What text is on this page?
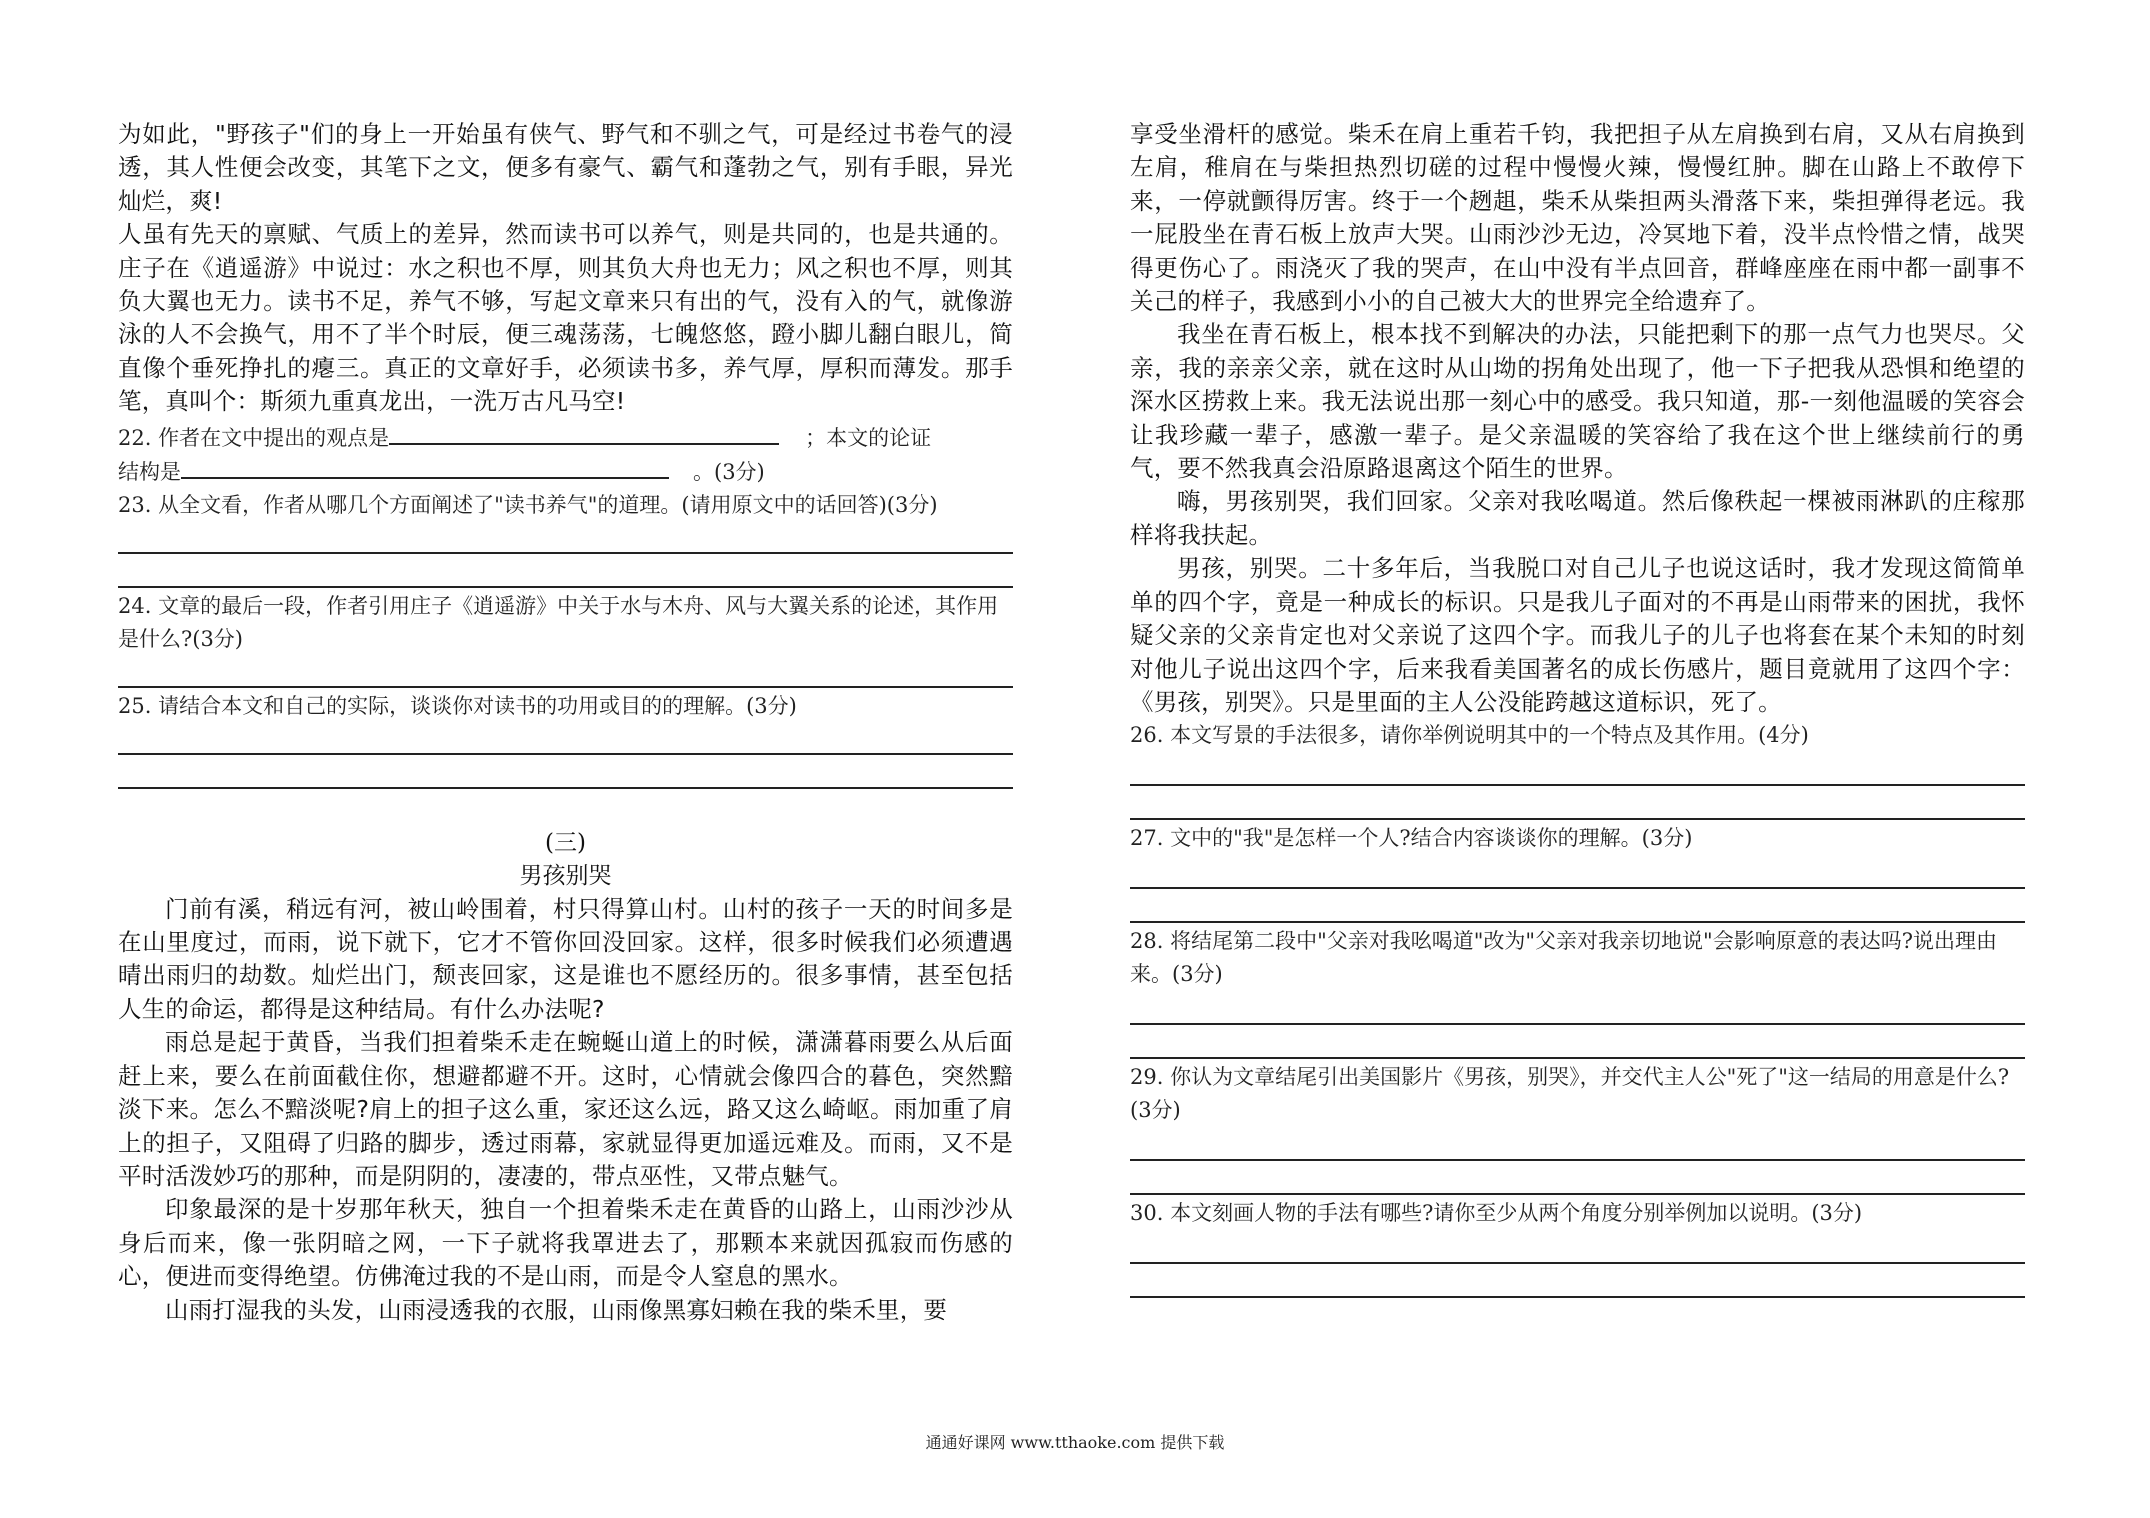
为如此，"野孩子"们的身上一开始虽有侠气、野气和不驯之气，可是经过书卷气的浸透，其人性便会改变，其笔下之文，便多有豪气、霸气和蓬勃之气，别有手眼，异光灿烂，爽!

人虽有先天的禀赋、气质上的差异，然而读书可以养气，则是共同的，也是共通的。庄子在《逍遥游》中说过：水之积也不厚，则其负大舟也无力；风之积也不厚，则其负大翼也无力。读书不足，养气不够，写起文章来只有出的气，没有入的气，就像游泳的人不会换气，用不了半个时辰，便三魂荡荡，七魄悠悠，蹬小脚儿翻白眼儿，简直像个垂死挣扎的瘪三。真正的文章好手，必须读书多，养气厚，厚积而薄发。那手笔，真叫个：斯须九重真龙出，一洗万古凡马空!

22. 作者在文中提出的观点是	；本文的论证
结构是	。(3分)

23. 从全文看，作者从哪几个方面阐述了"读书养气"的道理。(请用原文中的话回答)(3分)

24. 文章的最后一段，作者引用庄子《逍遥游》中关于水与木舟、风与大翼关系的论述，其作用是什么?(3分)

25. 请结合本文和自己的实际，谈谈你对读书的功用或目的的理解。(3分)

(三)

男孩别哭

门前有溪，稍远有河，被山岭围着，村只得算山村。山村的孩子一天的时间多是在山里度过，而雨，说下就下，它才不管你回没回家。这样，很多时候我们必须遭遇晴出雨归的劫数。灿烂出门，颓丧回家，这是谁也不愿经历的。很多事情，甚至包括人生的命运，都得是这种结局。有什么办法呢?

雨总是起于黄昏，当我们担着柴禾走在蜿蜒山道上的时候，潇潇暮雨要么从后面赶上来，要么在前面截住你，想避都避不开。这时，心情就会像四合的暮色，突然黯淡下来。怎么不黯淡呢?肩上的担子这么重，家还这么远，路又这么崎岖。雨加重了肩上的担子，又阻碍了归路的脚步，透过雨幕，家就显得更加遥远难及。而雨，又不是平时活泼妙巧的那种，而是阴阴的，凄凄的，带点巫性，又带点魅气。

印象最深的是十岁那年秋天，独自一个担着柴禾走在黄昏的山路上，山雨沙沙从身后而来，像一张阴暗之网，一下子就将我罩进去了，那颗本来就因孤寂而伤感的心，便进而变得绝望。仿佛淹过我的不是山雨，而是令人窒息的黑水。

山雨打湿我的头发，山雨浸透我的衣服，山雨像黑寡妇赖在我的柴禾里，要

享受坐滑杆的感觉。柴禾在肩上重若千钧，我把担子从左肩换到右肩，又从右肩换到左肩，稚肩在与柴担热烈切磋的过程中慢慢火辣，慢慢红肿。脚在山路上不敢停下来，一停就颤得厉害。终于一个趔趄，柴禾从柴担两头滑落下来，柴担弹得老远。我一屁股坐在青石板上放声大哭。山雨沙沙无边，冷冥地下着，没半点怜惜之情，战哭得更伤心了。雨浇灭了我的哭声，在山中没有半点回音，群峰座座在雨中都一副事不关己的样子，我感到小小的自己被大大的世界完全给遗弃了。

我坐在青石板上，根本找不到解决的办法，只能把剩下的那一点气力也哭尽。父亲，我的亲亲父亲，就在这时从山坳的拐角处出现了，他一下子把我从恐惧和绝望的深水区捞救上来。我无法说出那一刻心中的感受。我只知道，那-一刻他温暖的笑容会让我珍藏一辈子，感激一辈子。是父亲温暖的笑容给了我在这个世上继续前行的勇气，要不然我真会沿原路退离这个陌生的世界。

嗨，男孩别哭，我们回家。父亲对我吆喝道。然后像秩起一棵被雨淋趴的庄稼那样将我扶起。

男孩，别哭。二十多年后，当我脱口对自己儿子也说这话时，我才发现这简简单单的四个字，竟是一种成长的标识。只是我儿子面对的不再是山雨带来的困扰，我怀疑父亲的父亲肯定也对父亲说了这四个字。而我儿子的儿子也将套在某个未知的时刻对他儿子说出这四个字，后来我看美国著名的成长伤感片，题目竟就用了这四个字：《男孩，别哭》。只是里面的主人公没能跨越这道标识，死了。

26. 本文写景的手法很多，请你举例说明其中的一个特点及其作用。(4分)

27. 文中的"我"是怎样一个人?结合内容谈谈你的理解。(3分)

28. 将结尾第二段中"父亲对我吆喝道"改为"父亲对我亲切地说"会影响原意的表达吗?说出理由来。(3分)

29. 你认为文章结尾引出美国影片《男孩，别哭》，并交代主人公"死了"这一结局的用意是什么?(3分)

30. 本文刻画人物的手法有哪些?请你至少从两个角度分别举例加以说明。(3分)

通通好课网 www.tthaoke.com 提供下载
